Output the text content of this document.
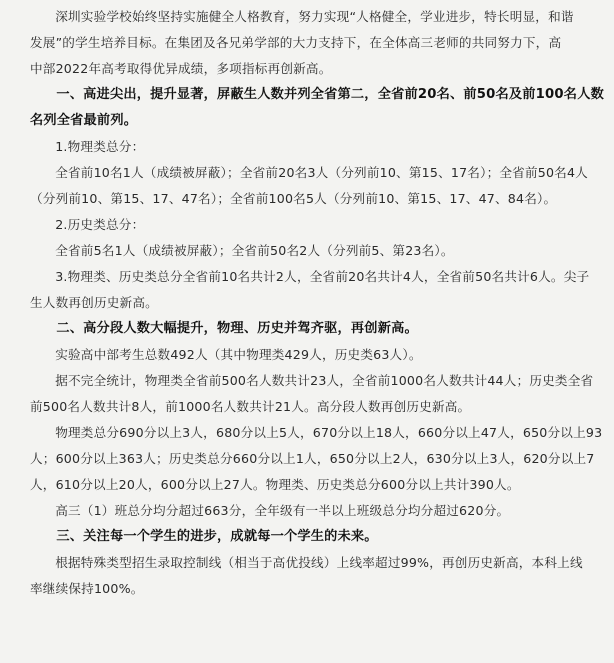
深圳实验学校始终坚持实施健全人格教育，努力实现“人格健全，学业进步，特长明显，和谐

发展”的学生培养目标。在集团及各兄弟学部的大力支持下，在全体高三老师的共同努力下，高

中部2022年高考取得优异成绩，多项指标再创新高。

一、高进尖出，提升显著，屏蔽生人数并列全省第二，全省前20名、前50名及前100名人数

名列全省最前列。

1.物理类总分：

全省前10名1人（成绩被屏蔽）；全省前20名3人（分列前10、第15、17名）；全省前50名4人

（分列前10、第15、17、47名）；全省前100名5人（分列前10、第15、17、47、84名）。

2.历史类总分：

全省前5名1人（成绩被屏蔽）；全省前50名2人（分列前5、第23名）。

3.物理类、历史类总分全省前10名共计2人，全省前20名共计4人，全省前50名共计6人。尖子

生人数再创历史新高。

二、高分段人数大幅提升，物理、历史并驾齐驱，再创新高。

实验高中部考生总数492人（其中物理类429人，历史类63人）。

据不完全统计，物理类全省前500名人数共计23人，全省前1000名人数共计44人；历史类全省

前500名人数共计8人，前1000名人数共计21人。高分段人数再创历史新高。

物理类总分690分以上3人，680分以上5人，670分以上18人，660分以上47人，650分以上93

人；600分以上363人；历史类总分660分以上1人，650分以上2人，630分以上3人，620分以上7

人，610分以上20人，600分以上27人。物理类、历史类总分600分以上共计390人。

高三（1）班总分均分超过663分，全年级有一半以上班级总分均分超过620分。

三、关注每一个学生的进步，成就每一个学生的未来。

根据特殊类型招生录取控制线（相当于高优投线）上线率超过99%，再创历史新高，本科上线

率继续保持100%。
